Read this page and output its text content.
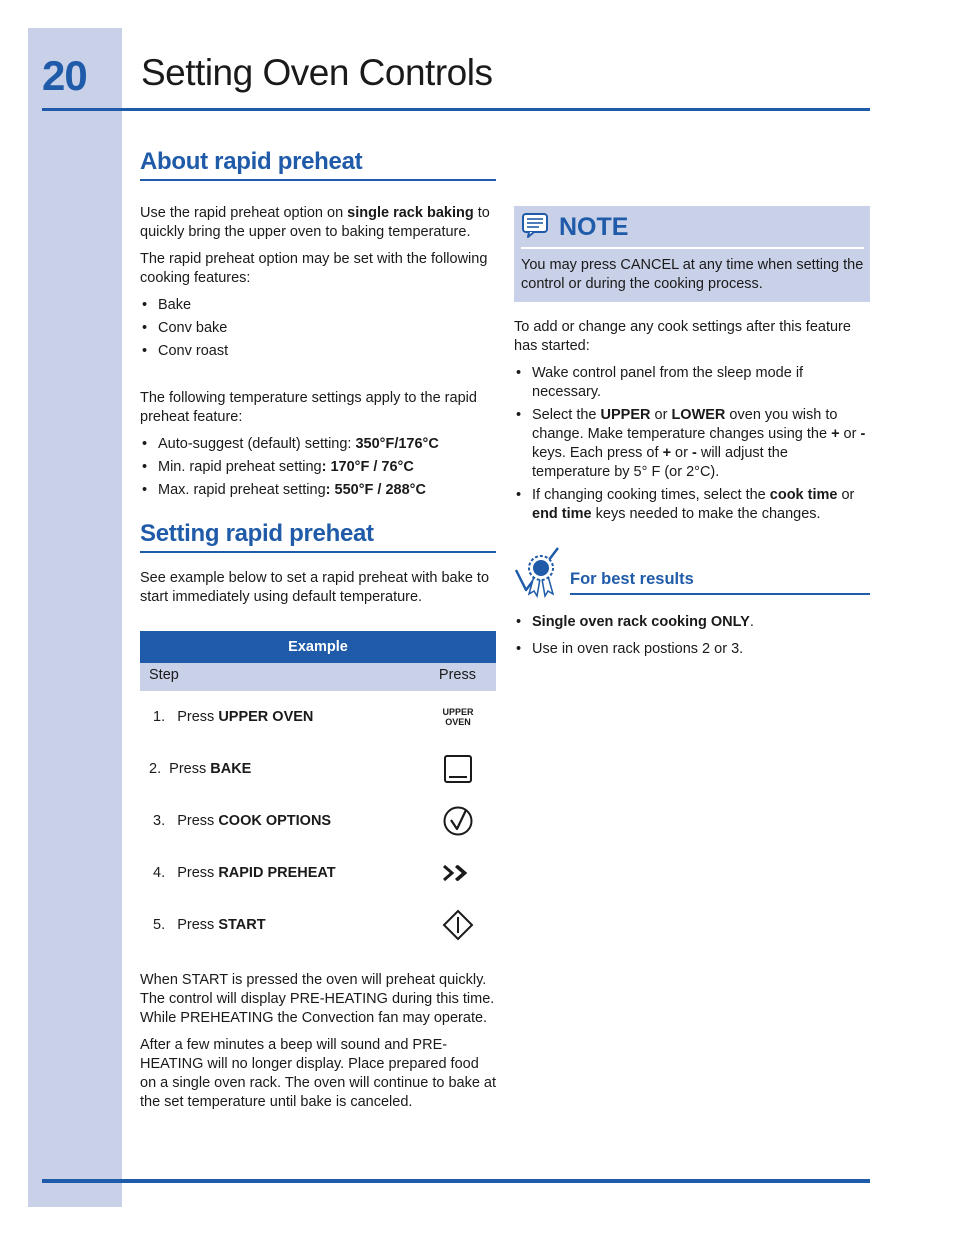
20 Setting Oven Controls
About rapid preheat

Use the rapid preheat option on single rack baking to quickly bring the upper oven to baking temperature.

The rapid preheat option may be set with the following cooking features:

• Bake
• Conv bake
• Conv roast

The following temperature settings apply to the rapid preheat feature:

• Auto-suggest (default) setting: 350°F/176°C
• Min. rapid preheat setting: 170°F / 76°C
• Max. rapid preheat setting: 550°F / 288°C
Setting rapid preheat

See example below to set a rapid preheat with bake to start immediately using default temperature.

Example
Step	Press
1. Press UPPER OVEN	UPPER
OVEN
2. Press BAKE
3. Press COOK OPTIONS
4. Press RAPID PREHEAT
5. Press START

When START is pressed the oven will preheat quickly. The control will display PRE-HEATING during this time. While PREHEATING the Convection fan may operate.

After a few minutes a beep will sound and PRE-HEATING will no longer display. Place prepared food on a single oven rack. The oven will continue to bake at the set temperature until bake is canceled.

NOTE

You may press CANCEL at any time when setting the control or during the cooking process.

To add or change any cook settings after this feature has started:

• Wake control panel from the sleep mode if necessary.
• Select the UPPER or LOWER oven you wish to change. Make temperature changes using the + or - keys. Each press of + or - will adjust the temperature by 5° F (or 2°C).
• If changing cooking times, select the cook time or end time keys needed to make the changes.
For best results
• Single oven rack cooking ONLY.
• Use in oven rack postions 2 or 3.
